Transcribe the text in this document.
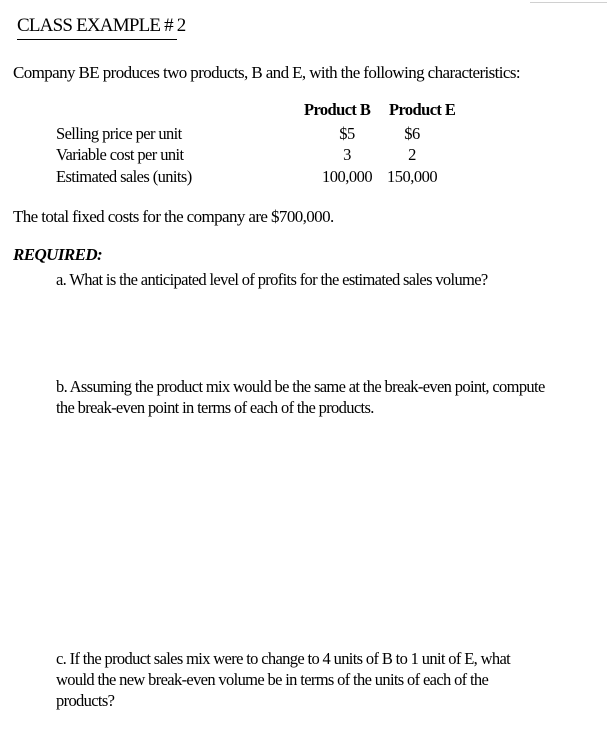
CLASS EXAMPLE # 2
Company BE produces two products, B and E, with the following characteristics:
Product B Product E
Selling price per unit	$5	$6
Variable cost per unit	3	2
Estimated sales (units)	100,000 150,000
The total fixed costs for the company are $700,000.
REQUIRED:
a. What is the anticipated level of profits for the estimated sales volume?
b. Assuming the product mix would be the same at the break-even point, compute
the break-even point in terms of each of the products.
c. If the product sales mix were to change to 4 units of B to 1 unit of E, what
would the new break-even volume be in terms of the units of each of the
products?
